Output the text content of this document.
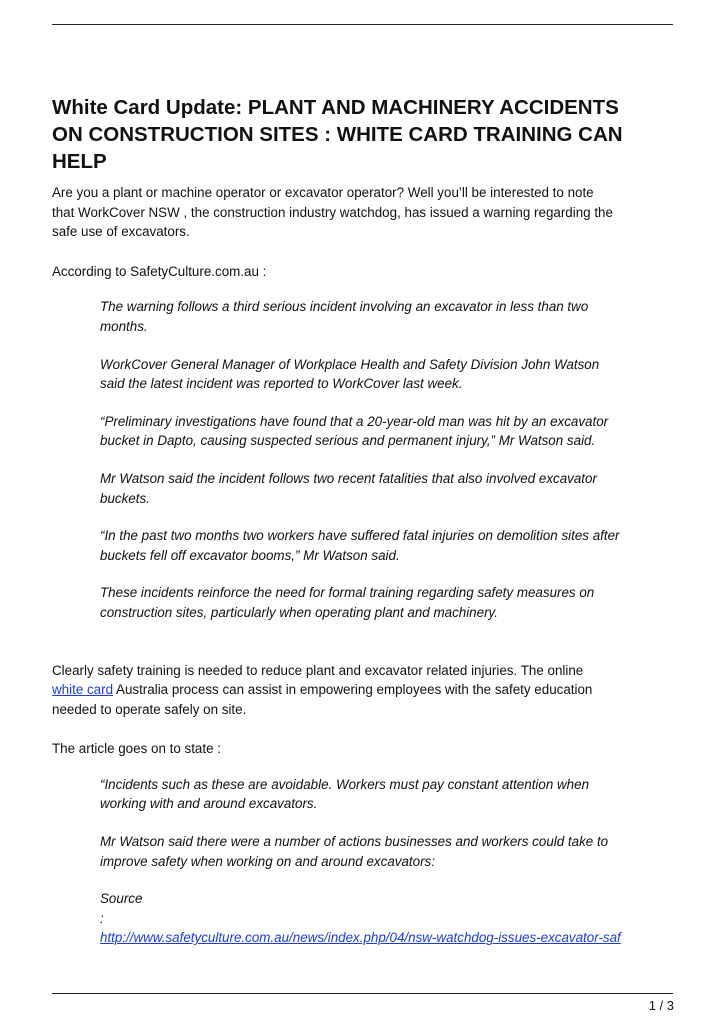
White Card Update: PLANT AND MACHINERY ACCIDENTS
ON CONSTRUCTION SITES : WHITE CARD TRAINING CAN
HELP

Are you a plant or machine operator or excavator operator? Well you’ll be interested to note
that WorkCover NSW , the construction industry watchdog, has issued a warning regarding the
safe use of excavators.

According to SafetyCulture.com.au :

The warning follows a third serious incident involving an excavator in less than two
months.

WorkCover General Manager of Workplace Health and Safety Division John Watson
said the latest incident was reported to WorkCover last week.

“Preliminary investigations have found that a 20-year-old man was hit by an excavator
bucket in Dapto, causing suspected serious and permanent injury,” Mr Watson said.

Mr Watson said the incident follows two recent fatalities that also involved excavator
buckets.

“In the past two months two workers have suffered fatal injuries on demolition sites after
buckets fell off excavator booms,” Mr Watson said.

These incidents reinforce the need for formal training regarding safety measures on
construction sites, particularly when operating plant and machinery.

Clearly safety training is needed to reduce plant and excavator related injuries. The online
white card Australia process can assist in empowering employees with the safety education
needed to operate safely on site.

The article goes on to state :

“Incidents such as these are avoidable. Workers must pay constant attention when
working with and around excavators.

Mr Watson said there were a number of actions businesses and workers could take to
improve safety when working on and around excavators:

Source
:
http://www.safetyculture.com.au/news/index.php/04/nsw-watchdog-issues-excavator-saf
1 / 3
